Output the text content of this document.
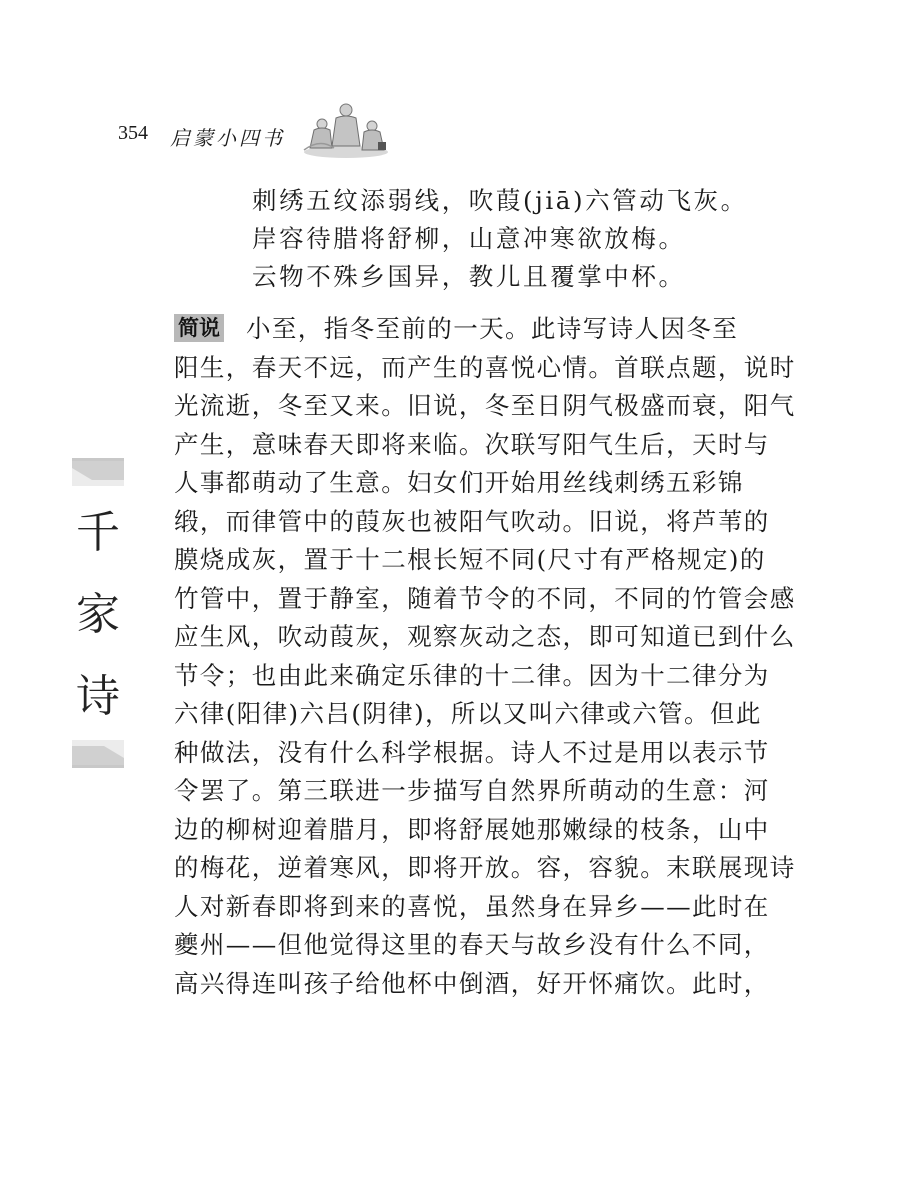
354 启蒙小四书
刺绣五纹添弱线，吹葭(jiā)六管动飞灰。
岸容待腊将舒柳，山意冲寒欲放梅。
云物不殊乡国异，教儿且覆掌中杯。
简说 小至，指冬至前的一天。此诗写诗人因冬至
阳生，春天不远，而产生的喜悦心情。首联点题，说时
光流逝，冬至又来。旧说，冬至日阴气极盛而衰，阳气
产生，意味春天即将来临。次联写阳气生后，天时与
人事都萌动了生意。妇女们开始用丝线刺绣五彩锦
缎，而律管中的葭灰也被阳气吹动。旧说，将芦苇的
膜烧成灰，置于十二根长短不同(尺寸有严格规定)的
竹管中，置于静室，随着节令的不同，不同的竹管会感
应生风，吹动葭灰，观察灰动之态，即可知道已到什么
节令；也由此来确定乐律的十二律。因为十二律分为
六律(阳律)六吕(阴律)，所以又叫六律或六管。但此
种做法，没有什么科学根据。诗人不过是用以表示节
令罢了。第三联进一步描写自然界所萌动的生意：河
边的柳树迎着腊月，即将舒展她那嫩绿的枝条，山中
的梅花，逆着寒风，即将开放。容，容貌。末联展现诗
人对新春即将到来的喜悦，虽然身在异乡——此时在
夔州——但他觉得这里的春天与故乡没有什么不同，
高兴得连叫孩子给他杯中倒酒，好开怀痛饮。此时，
千
家
诗
